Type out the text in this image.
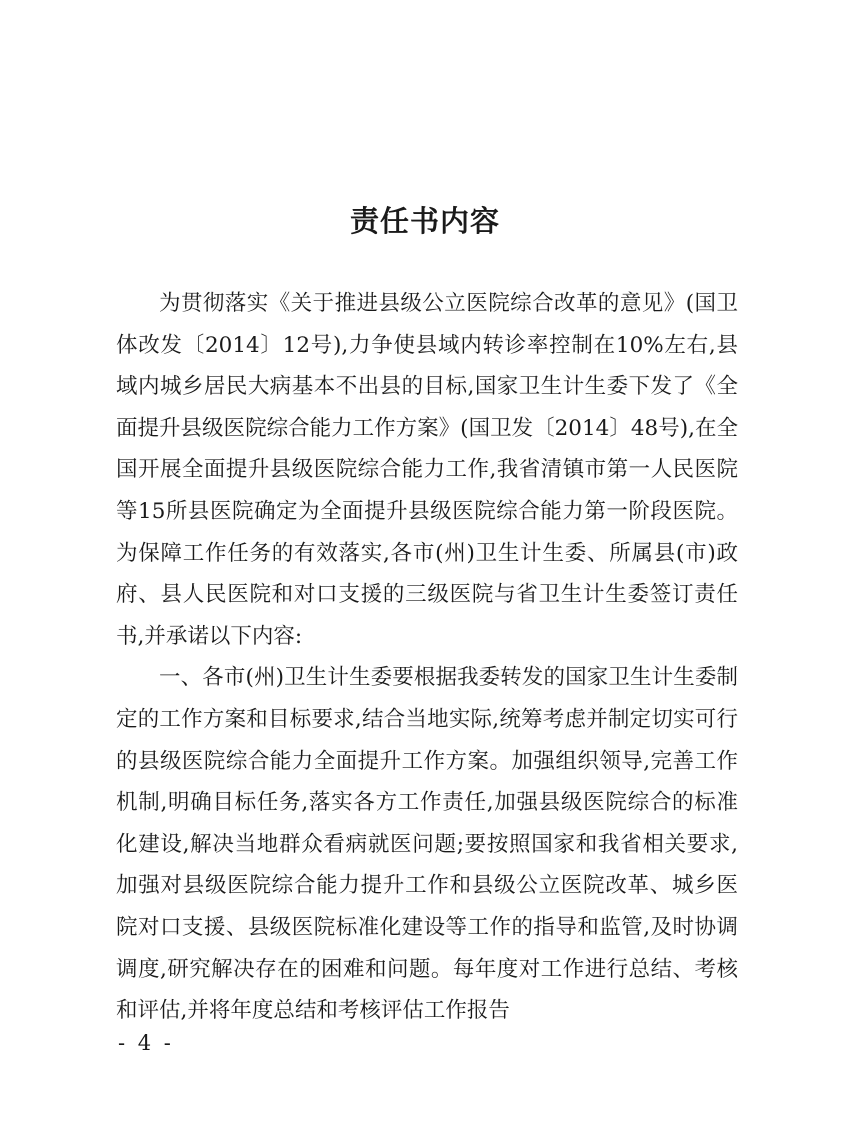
责任书内容

为贯彻落实《关于推进县级公立医院综合改革的意见》(国卫体改发〔2014〕12号),力争使县域内转诊率控制在10%左右,县域内城乡居民大病基本不出县的目标,国家卫生计生委下发了《全面提升县级医院综合能力工作方案》(国卫发〔2014〕48号),在全国开展全面提升县级医院综合能力工作,我省清镇市第一人民医院等15所县医院确定为全面提升县级医院综合能力第一阶段医院。为保障工作任务的有效落实,各市(州)卫生计生委、所属县(市)政府、县人民医院和对口支援的三级医院与省卫生计生委签订责任书,并承诺以下内容:

一、各市(州)卫生计生委要根据我委转发的国家卫生计生委制定的工作方案和目标要求,结合当地实际,统筹考虑并制定切实可行的县级医院综合能力全面提升工作方案。加强组织领导,完善工作机制,明确目标任务,落实各方工作责任,加强县级医院综合的标准化建设,解决当地群众看病就医问题;要按照国家和我省相关要求,加强对县级医院综合能力提升工作和县级公立医院改革、城乡医院对口支援、县级医院标准化建设等工作的指导和监管,及时协调调度,研究解决存在的困难和问题。每年度对工作进行总结、考核和评估,并将年度总结和考核评估工作报告

- 4 -
